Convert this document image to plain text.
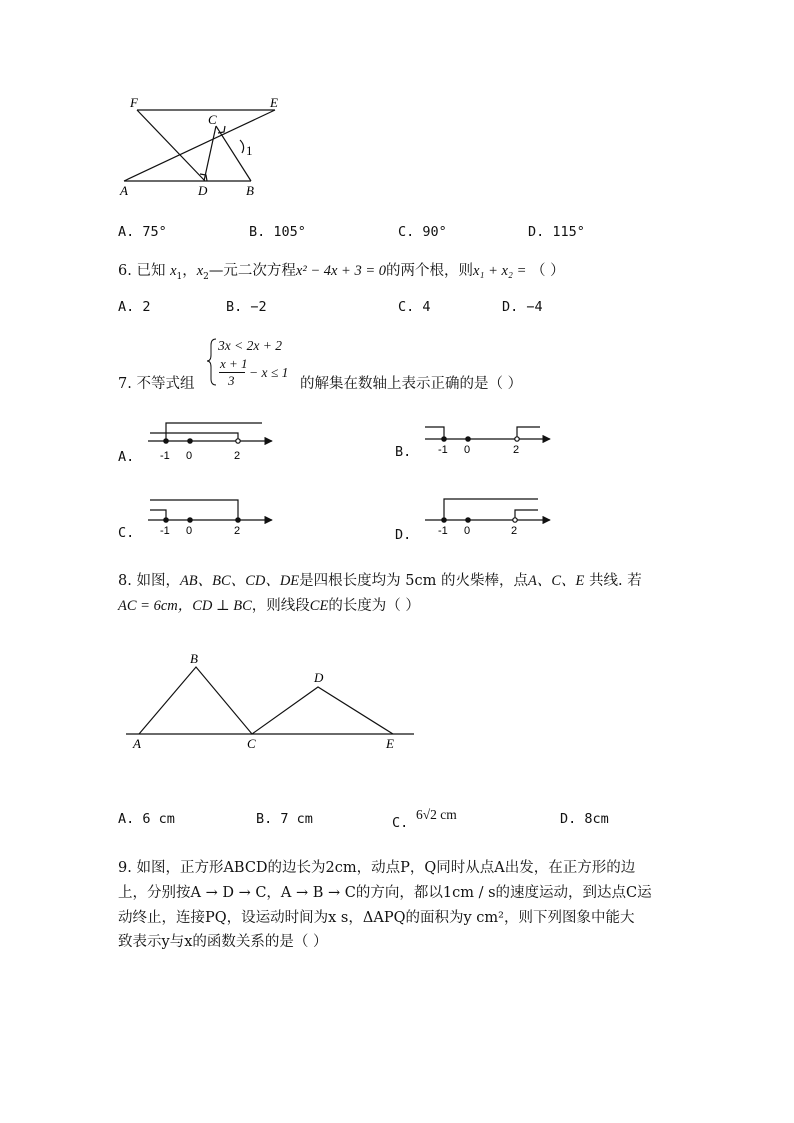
F	E
C
1
A	D	B
A. 75°	B. 105°	C. 90°	D. 115°
6. 已知 $x_1$，$x_2—$元二次方程x² − 4x + 3 = 0的两个根，则x₁ + x₂ = （ ）
A. 2	B. −2	C. 4	D. −4
3x < 2x + 2
x + 1
3
− x ≤ 1
7. 不等式组	的解集在数轴上表示正确的是（ ）
-1 0	2	-1 0	2
-1 0	2	-1 0	2
A.	B.
C.	D.
8. 如图，AB、BC、CD、DE是四根长度均为 5cm 的火柴棒，点A、C、E 共线. 若
AC = 6cm，CD ⊥ BC，则线段CE的长度为（ ）
B
D
A	C	E
A. 6 cm	B. 7 cm	C.
6√2 cm	D. 8cm
9. 如图，正方形ABCD的边长为2cm，动点P，Q同时从点A出发，在正方形的边
上，分别按A → D → C，A → B → C的方向，都以1cm / s的速度运动，到达点C运
动终止，连接PQ，设运动时间为x s，ΔAPQ的面积为y cm²，则下列图象中能大
致表示y与x的函数关系的是（ ）
